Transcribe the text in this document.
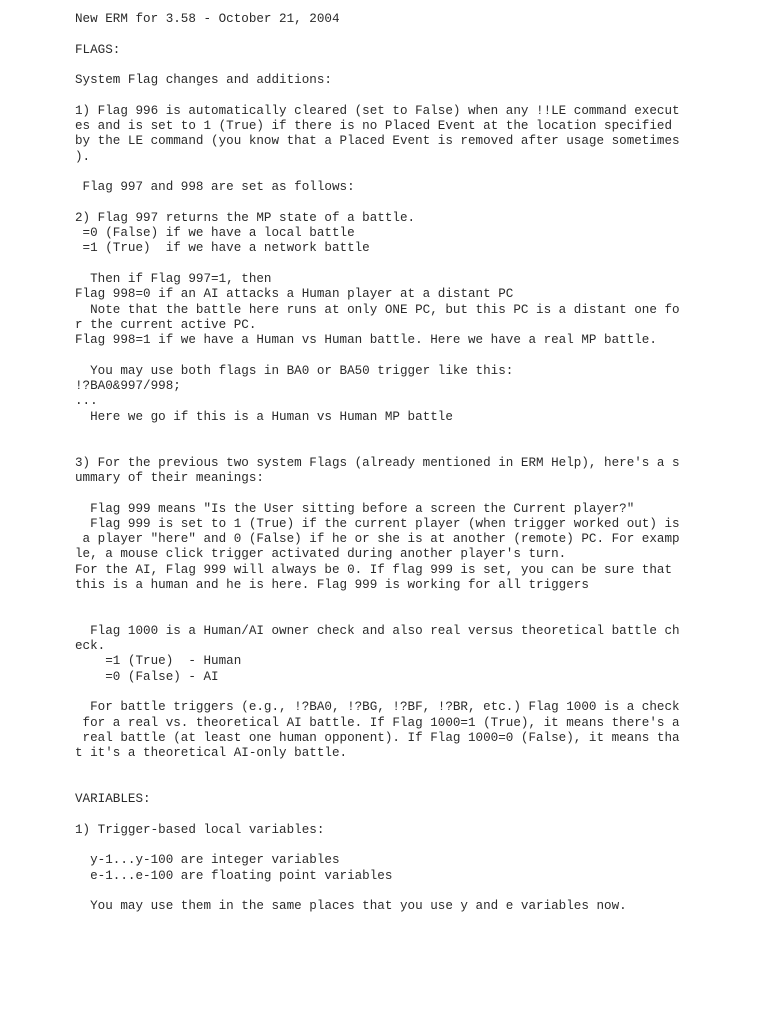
New ERM for 3.58 - October 21, 2004
FLAGS:
System Flag changes and additions:
1) Flag 996 is automatically cleared (set to False) when any !!LE command execut
es and is set to 1 (True) if there is no Placed Event at the location specified
by the LE command (you know that a Placed Event is removed after usage sometimes
).
Flag 997 and 998 are set as follows:
2) Flag 997 returns the MP state of a battle.
=0 (False) if we have a local battle
=1 (True)  if we have a network battle
Then if Flag 997=1, then
Flag 998=0 if an AI attacks a Human player at a distant PC
Note that the battle here runs at only ONE PC, but this PC is a distant one fo
r the current active PC.
Flag 998=1 if we have a Human vs Human battle. Here we have a real MP battle.
You may use both flags in BA0 or BA50 trigger like this:
!?BA0&997/998;
...
Here we go if this is a Human vs Human MP battle
3) For the previous two system Flags (already mentioned in ERM Help), here's a s
ummary of their meanings:
Flag 999 means "Is the User sitting before a screen the Current player?"
Flag 999 is set to 1 (True) if the current player (when trigger worked out) is
a player "here" and 0 (False) if he or she is at another (remote) PC. For examp
le, a mouse click trigger activated during another player's turn.
For the AI, Flag 999 will always be 0. If flag 999 is set, you can be sure that
this is a human and he is here. Flag 999 is working for all triggers
Flag 1000 is a Human/AI owner check and also real versus theoretical battle ch
eck.
=1 (True)  - Human
=0 (False) - AI
For battle triggers (e.g., !?BA0, !?BG, !?BF, !?BR, etc.) Flag 1000 is a check
for a real vs. theoretical AI battle. If Flag 1000=1 (True), it means there's a
real battle (at least one human opponent). If Flag 1000=0 (False), it means tha
t it's a theoretical AI-only battle.
VARIABLES:
1) Trigger-based local variables:
y-1...y-100 are integer variables
e-1...e-100 are floating point variables
You may use them in the same places that you use y and e variables now.
